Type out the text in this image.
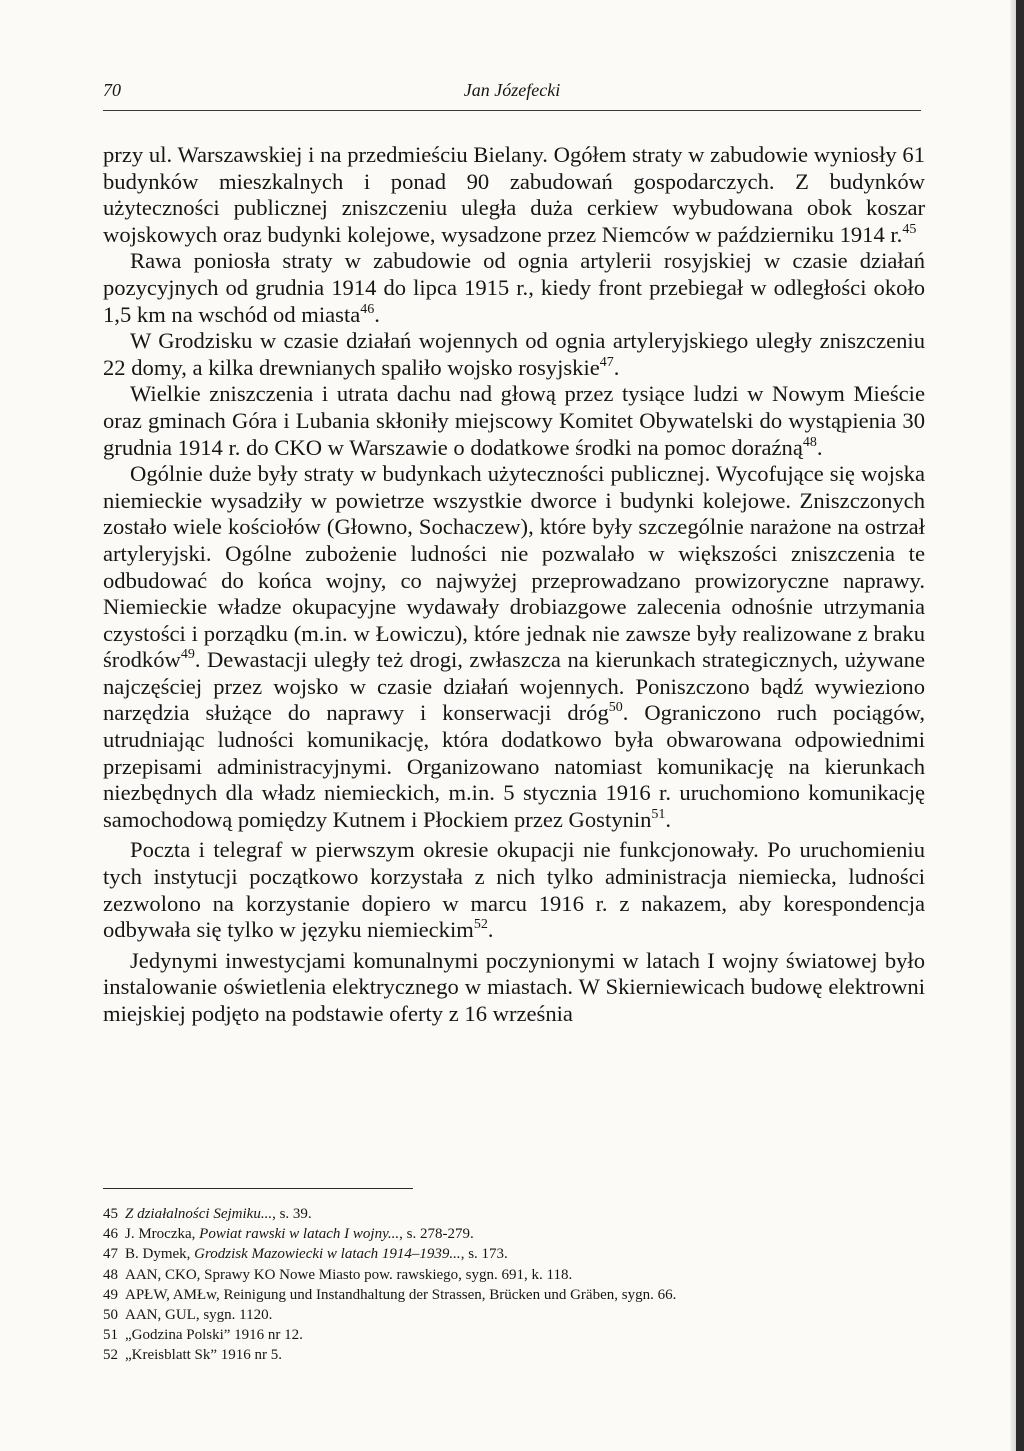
70	Jan Józefecki

przy ul. Warszawskiej i na przedmieściu Bielany. Ogółem straty w zabudowie wyniosły 61 budynków mieszkalnych i ponad 90 zabudowań gospodarczych. Z budynków użyteczności publicznej zniszczeniu uległa duża cerkiew wybudowana obok koszar wojskowych oraz budynki kolejowe, wysadzone przez Niemców w październiku 1914 r.$^{45}$

Rawa poniosła straty w zabudowie od ognia artylerii rosyjskiej w czasie działań pozycyjnych od grudnia 1914 do lipca 1915 r., kiedy front przebiegał w odległości około 1,5 km na wschód od miasta$^{46}$.

W Grodzisku w czasie działań wojennych od ognia artyleryjskiego uległy zniszczeniu 22 domy, a kilka drewnianych spaliło wojsko rosyjskie$^{47}$.

Wielkie zniszczenia i utrata dachu nad głową przez tysiące ludzi w Nowym Mieście oraz gminach Góra i Lubania skłoniły miejscowy Komitet Obywatelski do wystąpienia 30 grudnia 1914 r. do CKO w Warszawie o dodatkowe środki na pomoc doraźną$^{48}$.

Ogólnie duże były straty w budynkach użyteczności publicznej. Wycofujące się wojska niemieckie wysadziły w powietrze wszystkie dworce i budynki kolejowe. Zniszczonych zostało wiele kościołów (Głowno, Sochaczew), które były szczególnie narażone na ostrzał artyleryjski. Ogólne zubożenie ludności nie pozwalało w większości zniszczenia te odbudować do końca wojny, co najwyżej przeprowadzano prowizoryczne naprawy. Niemieckie władze okupacyjne wydawały drobiazgowe zalecenia odnośnie utrzymania czystości i porządku (m.in. w Łowiczu), które jednak nie zawsze były realizowane z braku środków$^{49}$. Dewastacji uległy też drogi, zwłaszcza na kierunkach strategicznych, używane najczęściej przez wojsko w czasie działań wojennych. Poniszczono bądź wywieziono narzędzia służące do naprawy i konserwacji dróg$^{50}$. Ograniczono ruch pociągów, utrudniając ludności komunikację, która dodatkowo była obwarowana odpowiednimi przepisami administracyjnymi. Organizowano natomiast komunikację na kierunkach niezbędnych dla władz niemieckich, m.in. 5 stycznia 1916 r. uruchomiono komunikację samochodową pomiędzy Kutnem i Płockiem przez Gostynin$^{51}$.

Poczta i telegraf w pierwszym okresie okupacji nie funkcjonowały. Po uruchomieniu tych instytucji początkowo korzystała z nich tylko administracja niemiecka, ludności zezwolono na korzystanie dopiero w marcu 1916 r. z nakazem, aby korespondencja odbywała się tylko w języku niemieckim$^{52}$.

Jedynymi inwestycjami komunalnymi poczynionymi w latach I wojny światowej było instalowanie oświetlenia elektrycznego w miastach. W Skierniewicach budowę elektrowni miejskiej podjęto na podstawie oferty z 16 września

45 Z działalności Sejmiku..., s. 39.
46 J. Mroczka, Powiat rawski w latach I wojny..., s. 278-279.
47 B. Dymek, Grodzisk Mazowiecki w latach 1914–1939..., s. 173.
48 AAN, CKO, Sprawy KO Nowe Miasto pow. rawskiego, sygn. 691, k. 118.
49 APŁW, AMŁw, Reinigung und Instandhaltung der Strassen, Brücken und Gräben, sygn. 66.
50 AAN, GUL, sygn. 1120.
51 „Godzina Polski” 1916 nr 12.
52 „Kreisblatt Sk” 1916 nr 5.
